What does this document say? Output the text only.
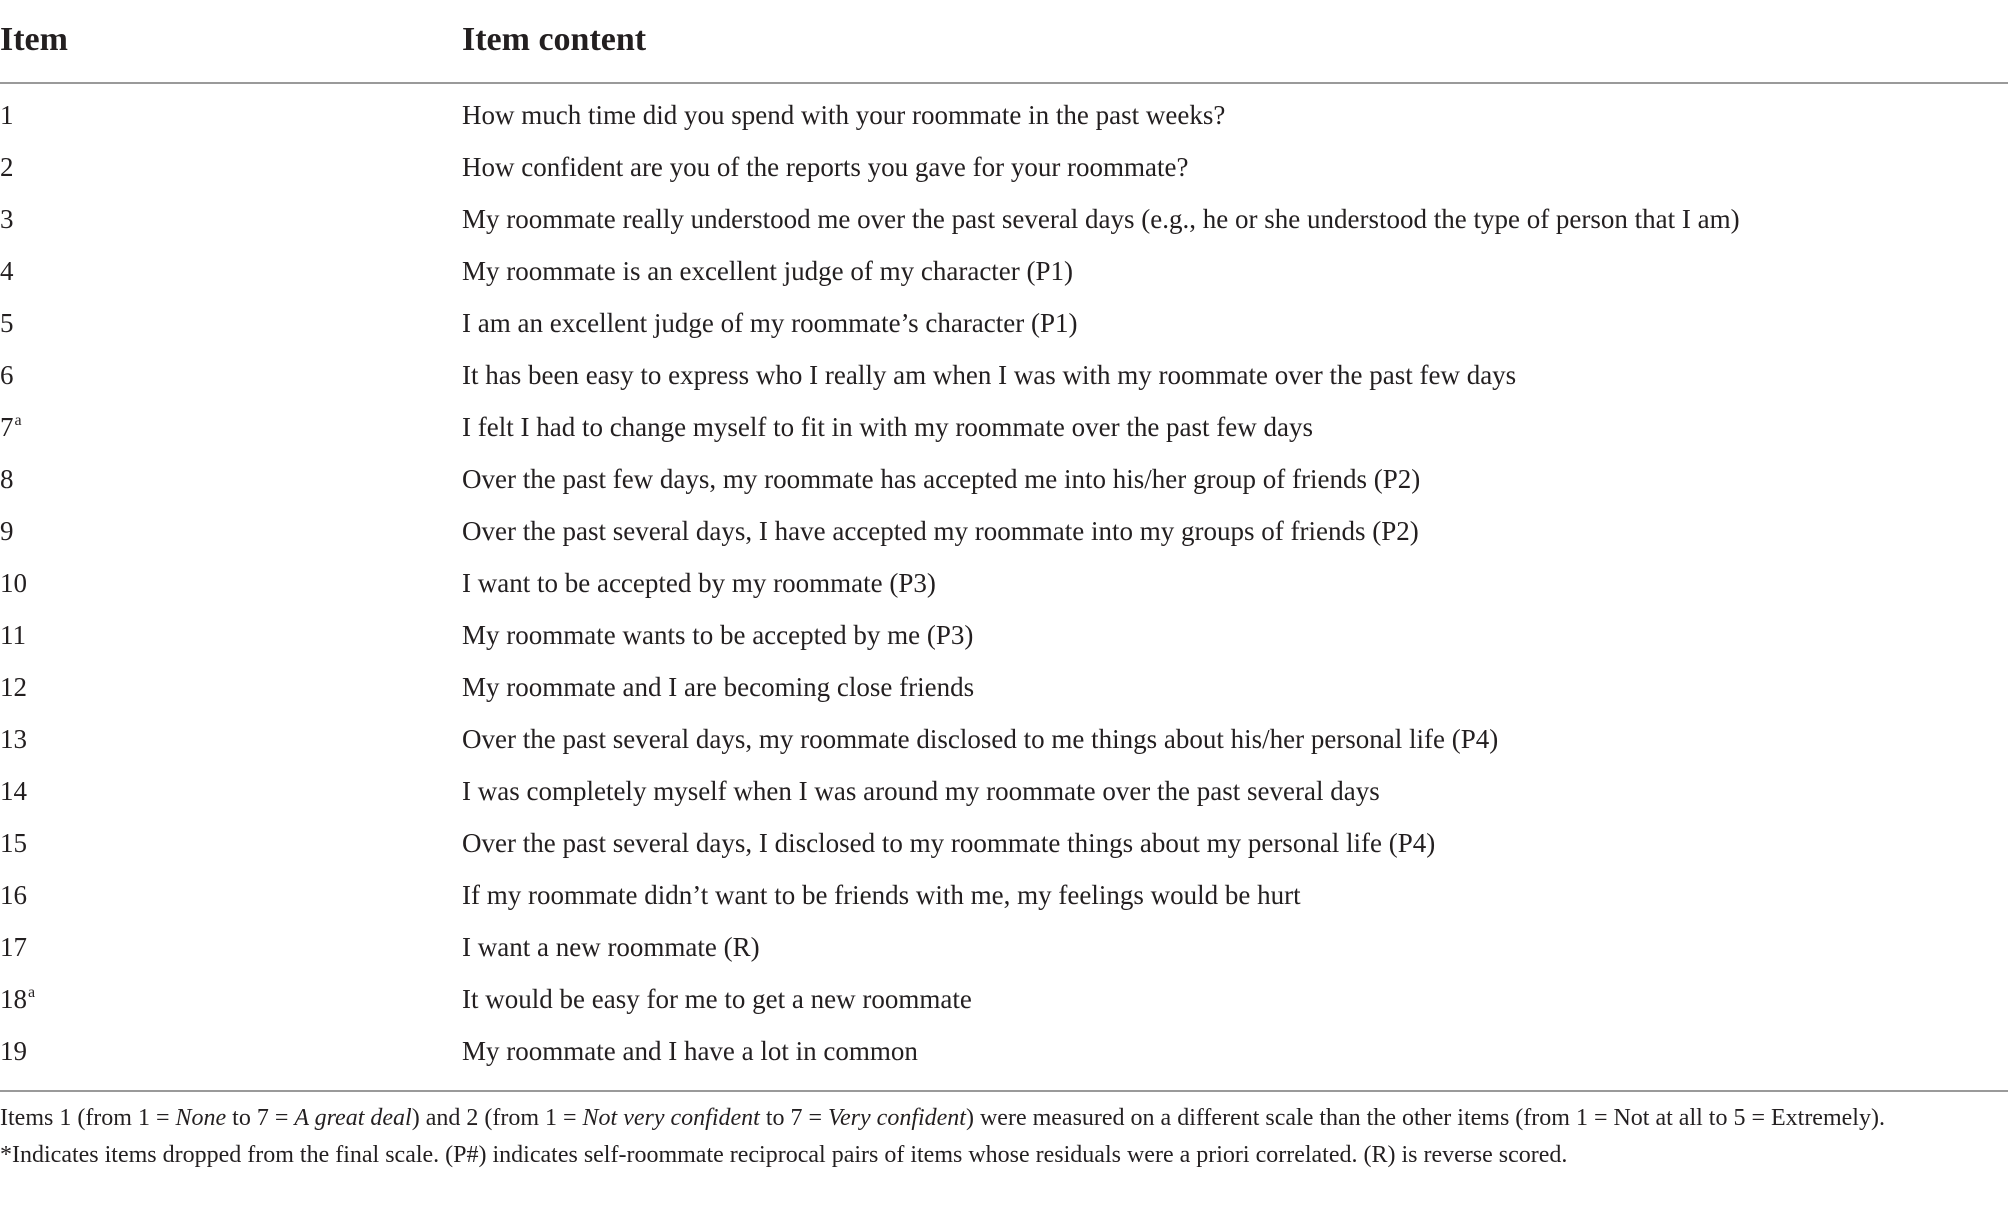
Item	Item content
1	How much time did you spend with your roommate in the past weeks?
2	How confident are you of the reports you gave for your roommate?
3	My roommate really understood me over the past several days (e.g., he or she understood the type of person that I am)
4	My roommate is an excellent judge of my character (P1)
5	I am an excellent judge of my roommate’s character (P1)
6	It has been easy to express who I really am when I was with my roommate over the past few days
7$^a$	I felt I had to change myself to fit in with my roommate over the past few days
8	Over the past few days, my roommate has accepted me into his/her group of friends (P2)
9	Over the past several days, I have accepted my roommate into my groups of friends (P2)
10	I want to be accepted by my roommate (P3)
11	My roommate wants to be accepted by me (P3)
12	My roommate and I are becoming close friends
13	Over the past several days, my roommate disclosed to me things about his/her personal life (P4)
14	I was completely myself when I was around my roommate over the past several days
15	Over the past several days, I disclosed to my roommate things about my personal life (P4)
16	If my roommate didn’t want to be friends with me, my feelings would be hurt
17	I want a new roommate (R)
18$^a$	It would be easy for me to get a new roommate
19	My roommate and I have a lot in common

Items 1 (from 1 = None to 7 = A great deal) and 2 (from 1 = Not very confident to 7 = Very confident) were measured on a different scale than the other items (from 1 = Not at all to 5 = Extremely).

*Indicates items dropped from the final scale. (P#) indicates self-roommate reciprocal pairs of items whose residuals were a priori correlated. (R) is reverse scored.
